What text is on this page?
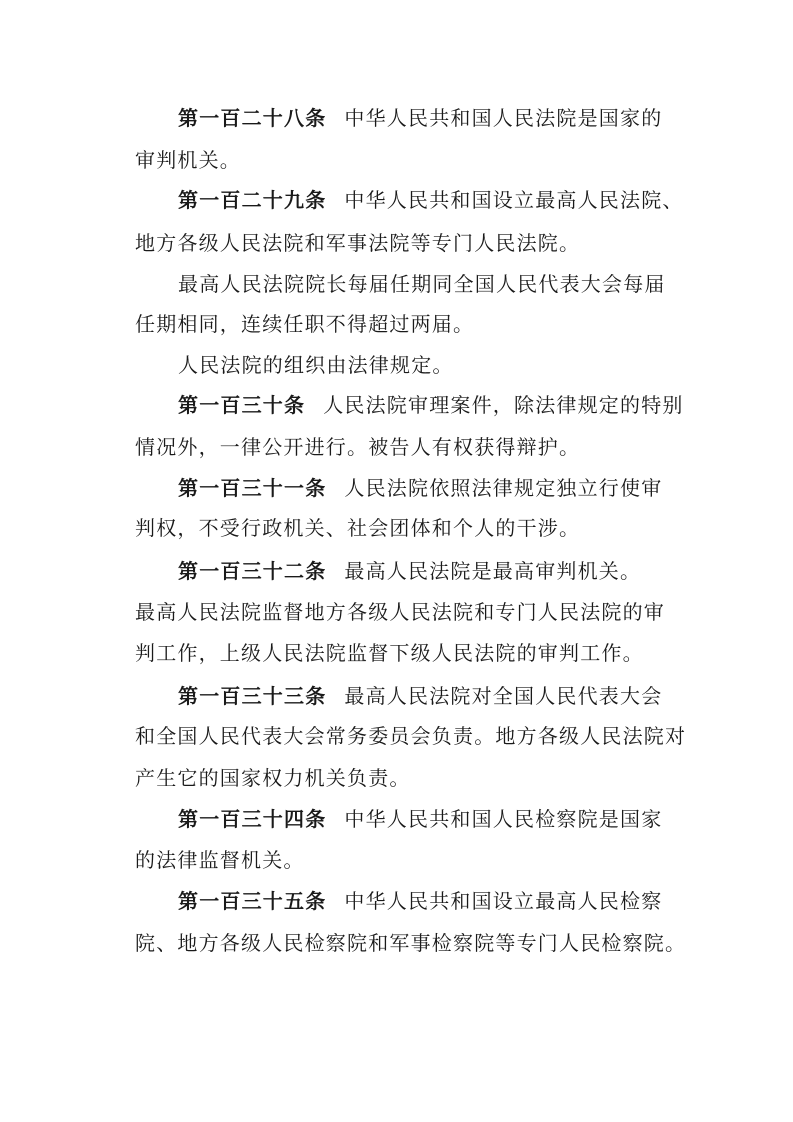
第一百二十八条 中华人民共和国人民法院是国家的
审判机关。
第一百二十九条 中华人民共和国设立最高人民法院、
地方各级人民法院和军事法院等专门人民法院。
最高人民法院院长每届任期同全国人民代表大会每届
任期相同，连续任职不得超过两届。
人民法院的组织由法律规定。
第一百三十条 人民法院审理案件，除法律规定的特别
情况外，一律公开进行。被告人有权获得辩护。
第一百三十一条 人民法院依照法律规定独立行使审
判权，不受行政机关、社会团体和个人的干涉。
第一百三十二条 最高人民法院是最高审判机关。
最高人民法院监督地方各级人民法院和专门人民法院的审
判工作，上级人民法院监督下级人民法院的审判工作。
第一百三十三条 最高人民法院对全国人民代表大会
和全国人民代表大会常务委员会负责。地方各级人民法院对
产生它的国家权力机关负责。
第一百三十四条 中华人民共和国人民检察院是国家
的法律监督机关。
第一百三十五条 中华人民共和国设立最高人民检察
院、地方各级人民检察院和军事检察院等专门人民检察院。
